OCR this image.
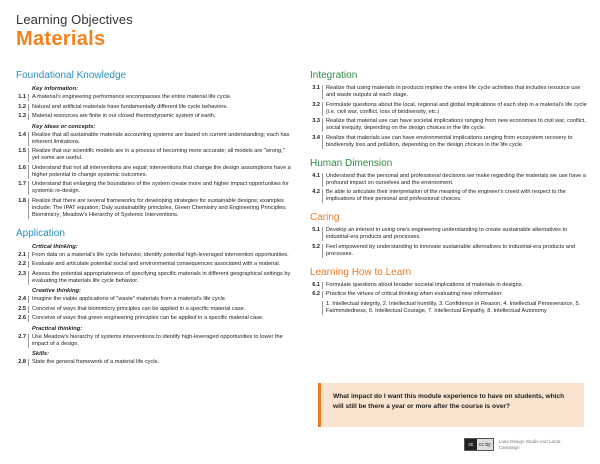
Learning Objectives
Materials
Foundational Knowledge
Key information:
1.1	A material's engineering performance encompasses the entire material life cycle.
1.2	Natural and artificial materials have fundamentally different life cycle behaviors.
1.3	Material resources are finite in our closed thermodynamic system of earth.
Key ideas or concepts:
1.4	Realize that all sustainable materials accounting systems are based on current understanding; each has inherent limitations.
1.5	Realize that our scientific models are in a process of becoming more accurate; all models are "wrong," yet some are useful.
1.6	Understand that not all interventions are equal; interventions that change the design assumptions have a higher potential to change systemic outcomes.
1.7	Understand that enlarging the boundaries of the system create more and higher impact opportunities for systemic re-design.
1.8	Realize that there are several frameworks for developing strategies for sustainable designs; examples include: The IPAT equation; Daly sustainability principles, Green Chemistry and Engineering Principles; Biomimicry; Meadow's Hierarchy of Systemic Interventions.
Application
Critical thinking:
2.1	From data on a material's life cycle behavior, identify potential high-leveraged intervention opportunities.
2.2	Evaluate and articulate potential social and environmental consequences associated with a material.
2.3	Assess the potential appropriateness of specifying specific materials in different geographical settings by evaluating the materials life cycle behavior.
Creative thinking:
2.4	Imagine the viable applications of "waste" materials from a material's life cycle.
2.5	Conceive of ways that biomimicry principles can be applied in a specific material case.
2.6	Conceive of ways that green engineering principles can be applied in a specific material case.
Practical thinking:
2.7	Use Meadow's hierarchy of systems interventions to identify high-leveraged opportunities to lower the impact of a design.
Skills:
2.8	State the general framework of a material life cycle.
Integration
3.1	Realize that using materials in products implies the entire life cycle activities that includes resource use and waste outputs at each stage.
3.2	Formulate questions about the local, regional and global implications of each step in a material's life cycle (i.e. civil war, conflict, loss of biodiversity, etc.)
3.3	Realize that material use can have societal implications ranging from new economies to civil war, conflict, social inequity, depending on the design choices in the life cycle.
3.4	Realize that materials use can have environmental implications ranging from ecosystem recovery to biodiversity loss and pollution, depending on the design choices in the life cycle.
Human Dimension
4.1	Understand that the personal and professional decisions we make regarding the materials we use have a profound impact on ourselves and the environment.
4.2	Be able to articulate their interpretation of the meaning of the engineer's creed with respect to the implications of their personal and professional choices.
Caring
5.1	Develop an interest in using one's engineering understanding to create sustainable alternatives to industrial-era products and processes.
5.2	Feel empowered by understanding to innovate sustainable alternatives to industrial-era products and processes.
Learning How to Learn
6.1	Formulate questions about broader societal implications of materials in designs.
6.2	Practice the virtues of critical thinking when evaluating new information:
1. Intellectual integrity, 2. Intellectual humility, 3. Confidence in Reason, 4. Intellectual Perseverance, 5. Fairmindedness, 6. Intellectual Courage, 7. Intellectual Empathy, 8. Intellectual Autonomy
What impact do I want this module experience to have on students, which will still be there a year or more after the course is over?
cc	cc by
Lane Design Studio and Lamb Campaign
